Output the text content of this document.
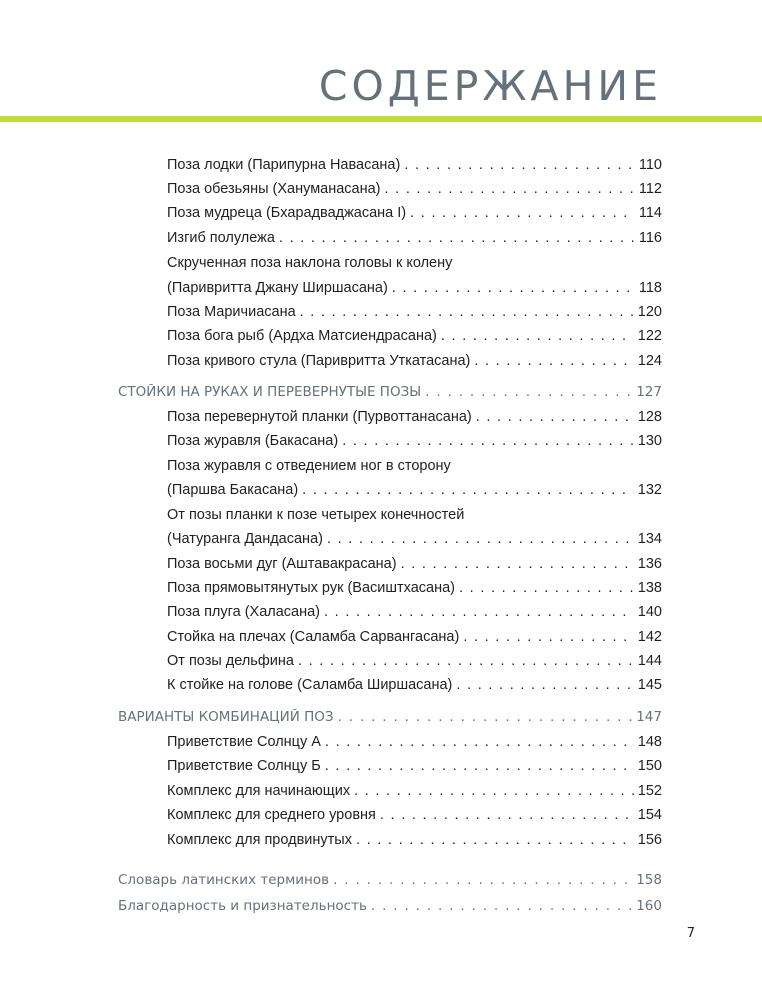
СОДЕРЖАНИЕ
Поза лодки (Парипурна Навасана) . . .	110
Поза обезьяны (Хануманасана) . . .	112
Поза мудреца (Бхарадваджасана I) . . .	114
Изгиб полулежа . . .	116
Скрученная поза наклона головы к колену
(Паривритта Джану Ширшасана) . . .	118
Поза Маричиасана . . .	120
Поза бога рыб (Ардха Матсиендрасана) . . .	122
Поза кривого стула (Паривритта Уткатасана) . . .	124
СТОЙКИ НА РУКАХ И ПЕРЕВЕРНУТЫЕ ПОЗЫ . . .	127
Поза перевернутой планки (Пурвоттанасана) . . .	128
Поза журавля (Бакасана) . . .	130
Поза журавля с отведением ног в сторону
(Паршва Бакасана) . . .	132
От позы планки к позе четырех конечностей
(Чатуранга Дандасана) . . .	134
Поза восьми дуг (Аштавакрасана) . . .	136
Поза прямовытянутых рук (Васиштхасана) . . .	138
Поза плуга (Халасана) . . .	140
Стойка на плечах (Саламба Сарвангасана) . . .	142
От позы дельфина . . .	144
К стойке на голове (Саламба Ширшасана) . . .	145
ВАРИАНТЫ КОМБИНАЦИЙ ПОЗ . . .	147
Приветствие Солнцу А . . .	148
Приветствие Солнцу Б . . .	150
Комплекс для начинающих . . .	152
Комплекс для среднего уровня . . .	154
Комплекс для продвинутых . . .	156
Словарь латинских терминов . . .	158
Благодарность и признательность . . .	160
7
